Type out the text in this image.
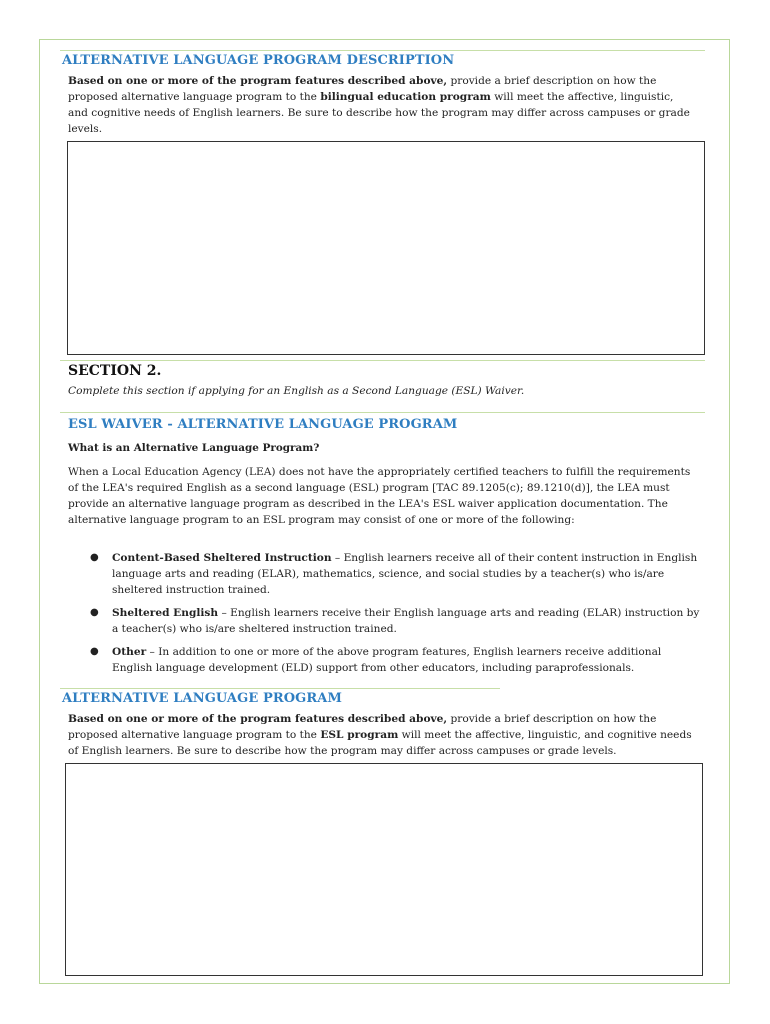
ALTERNATIVE LANGUAGE PROGRAM DESCRIPTION

Based on one or more of the program features described above, provide a brief description on how the proposed alternative language program to the bilingual education program will meet the affective, linguistic, and cognitive needs of English learners. Be sure to describe how the program may differ across campuses or grade levels.

SECTION 2.

Complete this section if applying for an English as a Second Language (ESL) Waiver.

ESL WAIVER - ALTERNATIVE LANGUAGE PROGRAM

What is an Alternative Language Program?

When a Local Education Agency (LEA) does not have the appropriately certified teachers to fulfill the requirements of the LEA's required English as a second language (ESL) program [TAC 89.1205(c); 89.1210(d)], the LEA must provide an alternative language program as described in the LEA's ESL waiver application documentation. The alternative language program to an ESL program may consist of one or more of the following:

● Content-Based Sheltered Instruction – English learners receive all of their content instruction in English language arts and reading (ELAR), mathematics, science, and social studies by a teacher(s) who is/are sheltered instruction trained.
● Sheltered English – English learners receive their English language arts and reading (ELAR) instruction by a teacher(s) who is/are sheltered instruction trained.
● Other – In addition to one or more of the above program features, English learners receive additional English language development (ELD) support from other educators, including paraprofessionals.
ALTERNATIVE LANGUAGE PROGRAM

Based on one or more of the program features described above, provide a brief description on how the proposed alternative language program to the ESL program will meet the affective, linguistic, and cognitive needs of English learners. Be sure to describe how the program may differ across campuses or grade levels.
